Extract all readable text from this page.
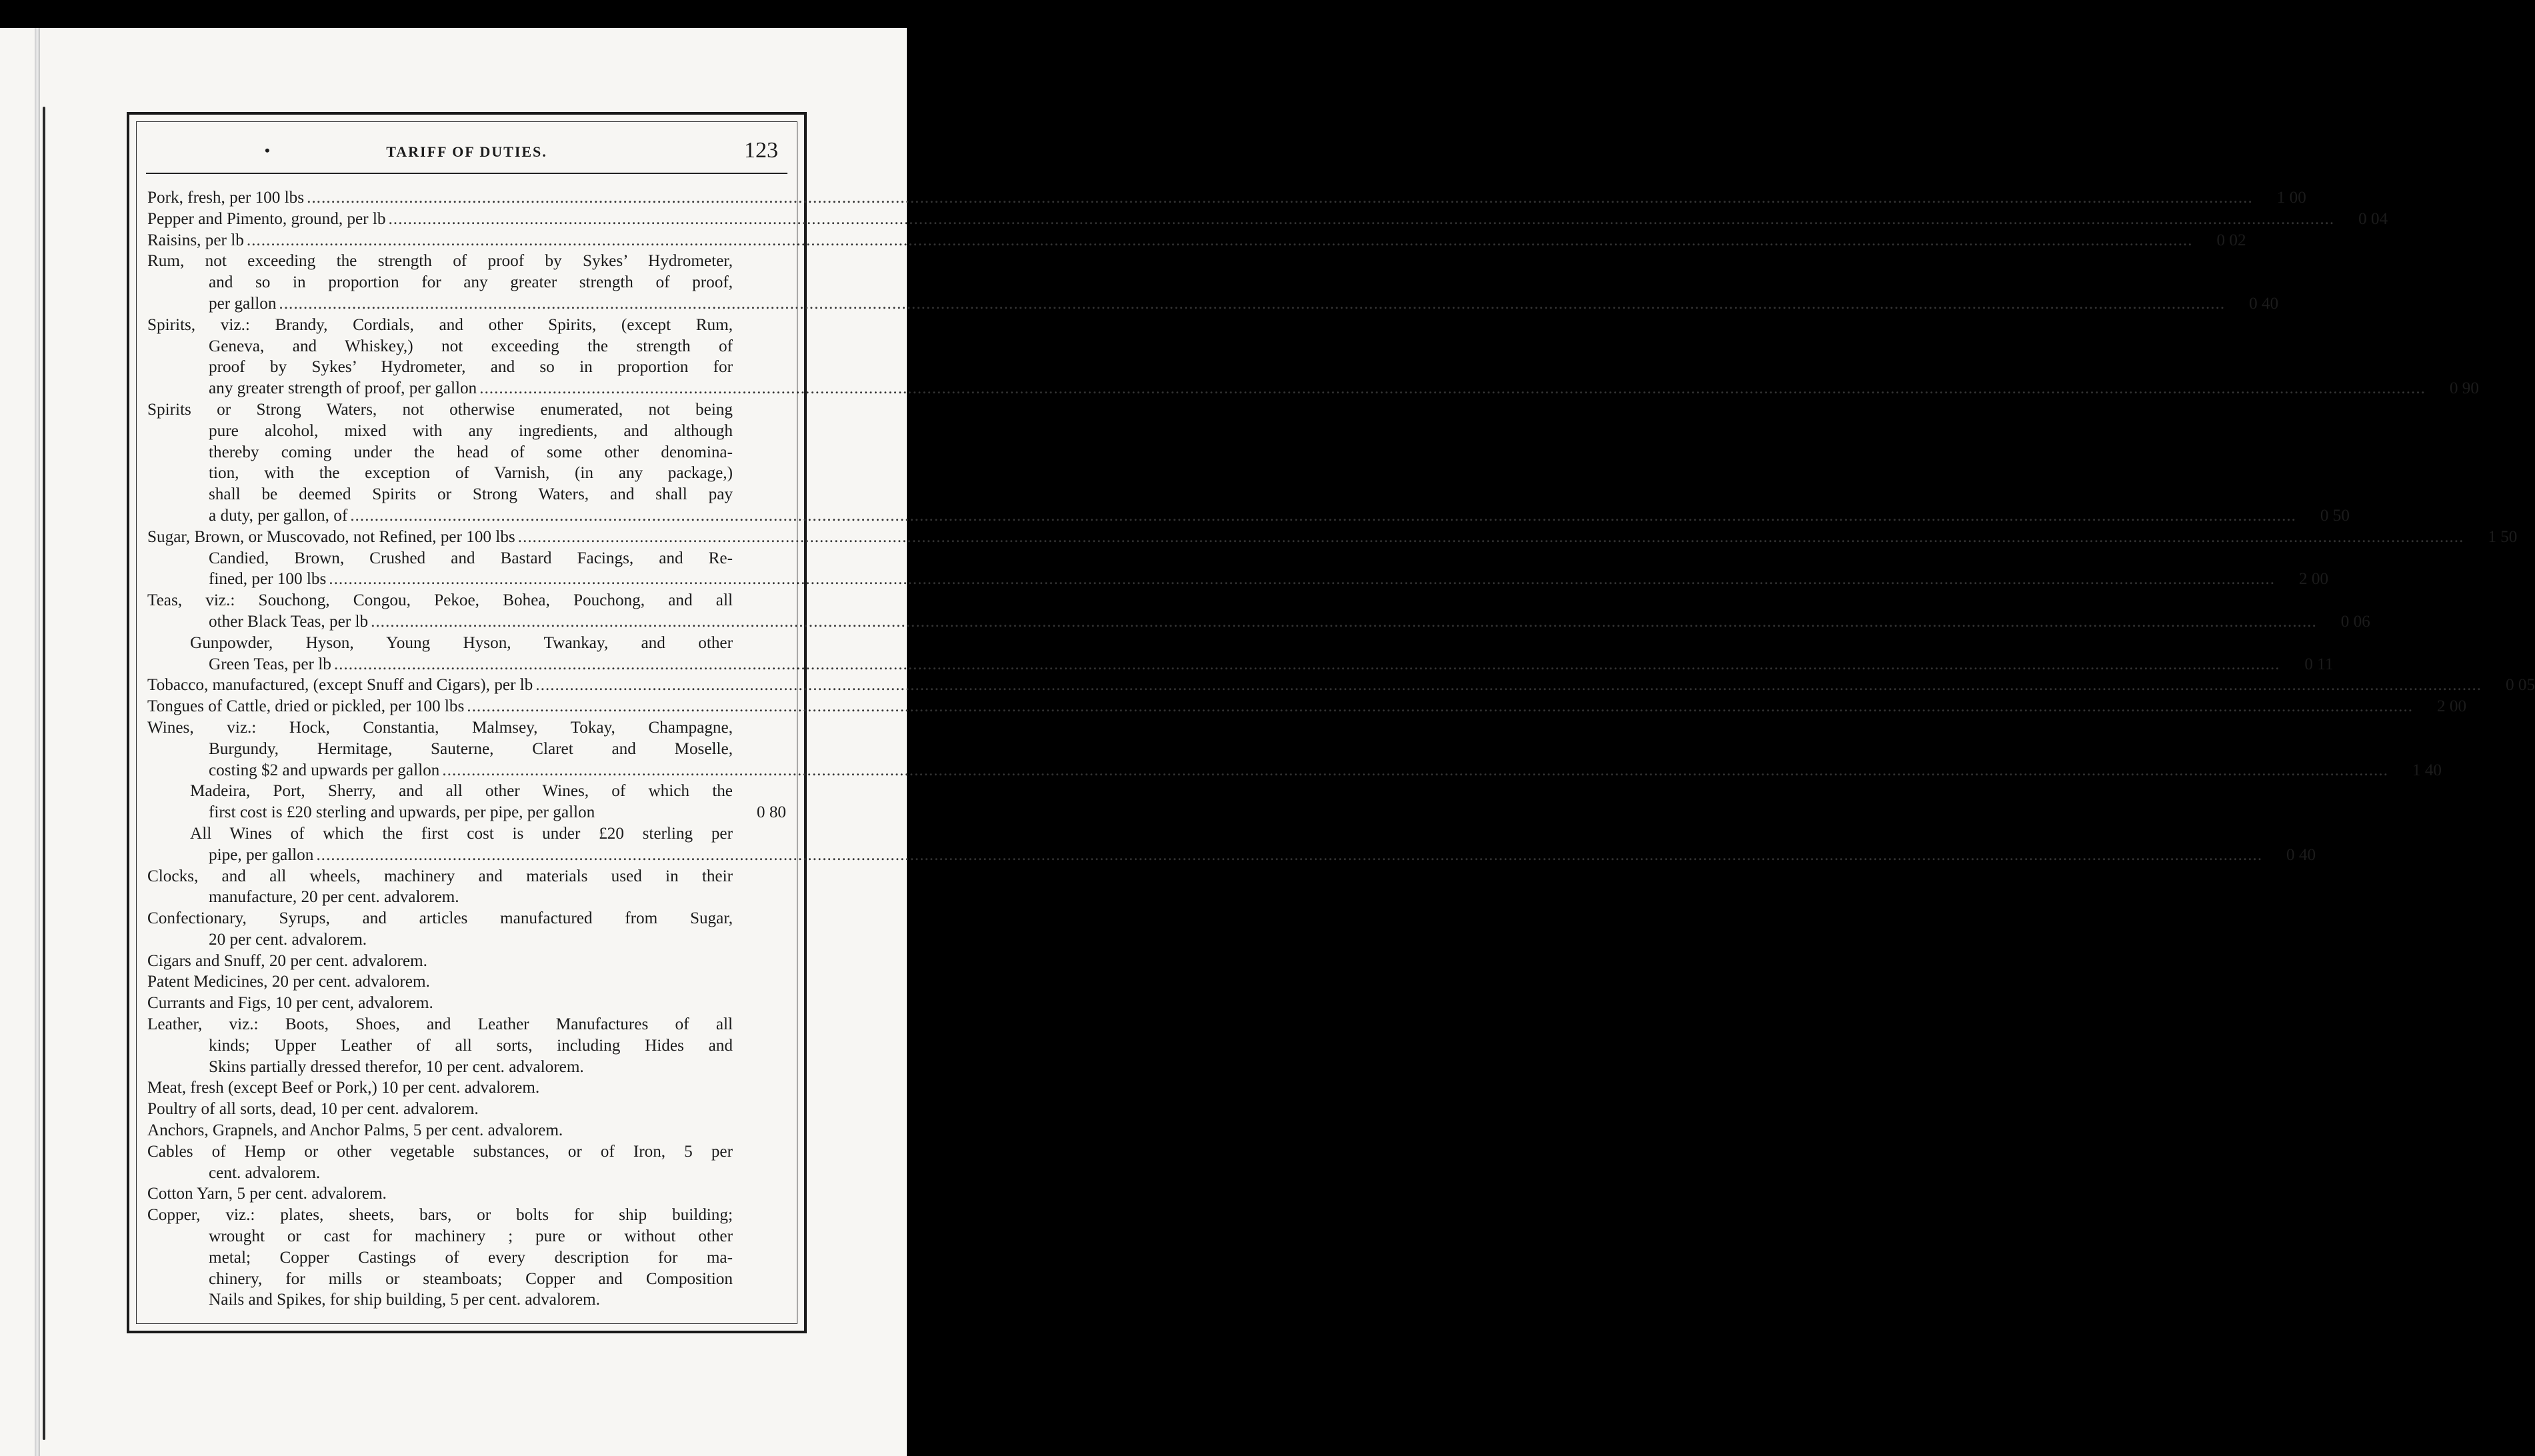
•	TARIFF OF DUTIES.	123
Pork, fresh, per 100 lbs ................................................................................................................................................................................................................................................................................................................................................................................................................	1 00
Pepper and Pimento, ground, per lb ................................................................................................................................................................................................................................................................................................................................................................................................................	0 04
Raisins, per lb ................................................................................................................................................................................................................................................................................................................................................................................................................	0 02
Rum, not exceeding the strength of proof by Sykes’ Hydrometer,
and so in proportion for any greater strength of proof,
per gallon ................................................................................................................................................................................................................................................................................................................................................................................................................	0 40
Spirits, viz.: Brandy, Cordials, and other Spirits, (except Rum,
Geneva, and Whiskey,) not exceeding the strength of
proof by Sykes’ Hydrometer, and so in proportion for
any greater strength of proof, per gallon ................................................................................................................................................................................................................................................................................................................................................................................................................	0 90
Spirits or Strong Waters, not otherwise enumerated, not being
pure alcohol, mixed with any ingredients, and although
thereby coming under the head of some other denomina-
tion, with the exception of Varnish, (in any package,)
shall be deemed Spirits or Strong Waters, and shall pay
a duty, per gallon, of ................................................................................................................................................................................................................................................................................................................................................................................................................	0 50
Sugar, Brown, or Muscovado, not Refined, per 100 lbs ................................................................................................................................................................................................................................................................................................................................................................................................................	1 50
Candied, Brown, Crushed and Bastard Facings, and Re-
fined, per 100 lbs ................................................................................................................................................................................................................................................................................................................................................................................................................	2 00
Teas, viz.: Souchong, Congou, Pekoe, Bohea, Pouchong, and all
other Black Teas, per lb ................................................................................................................................................................................................................................................................................................................................................................................................................	0 06
Gunpowder, Hyson, Young Hyson, Twankay, and other
Green Teas, per lb ................................................................................................................................................................................................................................................................................................................................................................................................................	0 11
Tobacco, manufactured, (except Snuff and Cigars), per lb ................................................................................................................................................................................................................................................................................................................................................................................................................	0 05
Tongues of Cattle, dried or pickled, per 100 lbs ................................................................................................................................................................................................................................................................................................................................................................................................................	2 00
Wines, viz.: Hock, Constantia, Malmsey, Tokay, Champagne,
Burgundy, Hermitage, Sauterne, Claret and Moselle,
costing $2 and upwards per gallon ................................................................................................................................................................................................................................................................................................................................................................................................................	1 40
Madeira, Port, Sherry, and all other Wines, of which the
first cost is £20 sterling and upwards, per pipe, per gallon	0 80
All Wines of which the first cost is under £20 sterling per
pipe, per gallon ................................................................................................................................................................................................................................................................................................................................................................................................................	0 40
Clocks, and all wheels, machinery and materials used in their
manufacture, 20 per cent. advalorem.
Confectionary, Syrups, and articles manufactured from Sugar,
20 per cent. advalorem.
Cigars and Snuff, 20 per cent. advalorem.
Patent Medicines, 20 per cent. advalorem.
Currants and Figs, 10 per cent, advalorem.
Leather, viz.: Boots, Shoes, and Leather Manufactures of all
kinds; Upper Leather of all sorts, including Hides and
Skins partially dressed therefor, 10 per cent. advalorem.
Meat, fresh (except Beef or Pork,) 10 per cent. advalorem.
Poultry of all sorts, dead, 10 per cent. advalorem.
Anchors, Grapnels, and Anchor Palms, 5 per cent. advalorem.
Cables of Hemp or other vegetable substances, or of Iron, 5 per
cent. advalorem.
Cotton Yarn, 5 per cent. advalorem.
Copper, viz.: plates, sheets, bars, or bolts for ship building;
wrought or cast for machinery ; pure or without other
metal; Copper Castings of every description for ma-
chinery, for mills or steamboats; Copper and Composition
Nails and Spikes, for ship building, 5 per cent. advalorem.
